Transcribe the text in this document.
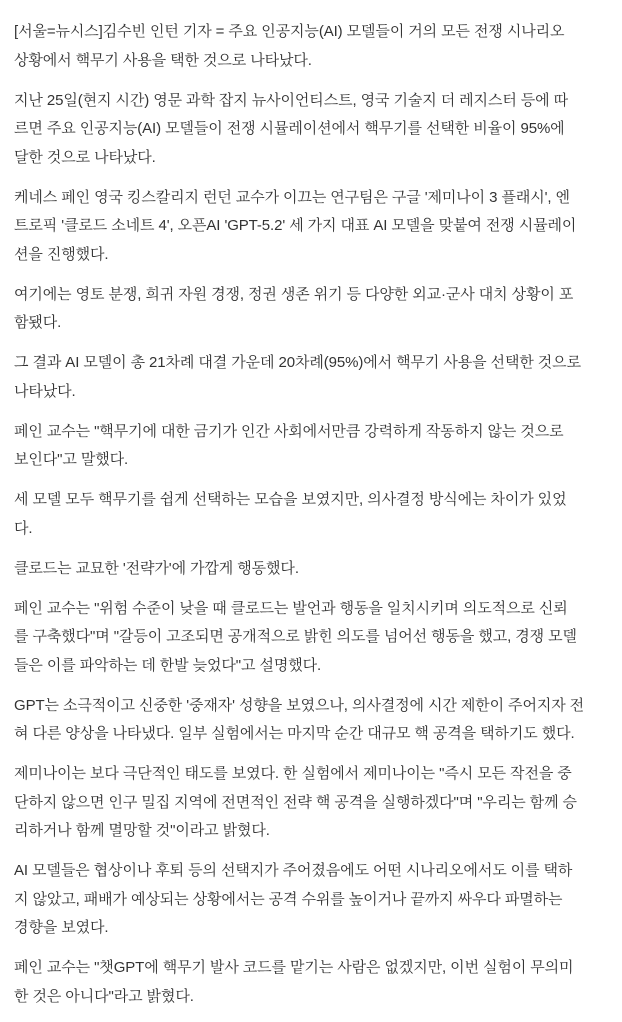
[서울=뉴시스]김수빈 인턴 기자 = 주요 인공지능(AI) 모델들이 거의 모든 전쟁 시나리오
상황에서 핵무기 사용을 택한 것으로 나타났다.

지난 25일(현지 시간) 영문 과학 잡지 뉴사이언티스트, 영국 기술지 더 레지스터 등에 따
르면 주요 인공지능(AI) 모델들이 전쟁 시뮬레이션에서 핵무기를 선택한 비율이 95%에
달한 것으로 나타났다.

케네스 페인 영국 킹스칼리지 런던 교수가 이끄는 연구팀은 구글 '제미나이 3 플래시', 엔
트로픽 '클로드 소네트 4', 오픈AI 'GPT-5.2' 세 가지 대표 AI 모델을 맞붙여 전쟁 시뮬레이
션을 진행했다.

여기에는 영토 분쟁, 희귀 자원 경쟁, 정권 생존 위기 등 다양한 외교·군사 대치 상황이 포
함됐다.

그 결과 AI 모델이 총 21차례 대결 가운데 20차례(95%)에서 핵무기 사용을 선택한 것으로
나타났다.

페인 교수는 "핵무기에 대한 금기가 인간 사회에서만큼 강력하게 작동하지 않는 것으로
보인다"고 말했다.

세 모델 모두 핵무기를 쉽게 선택하는 모습을 보였지만, 의사결정 방식에는 차이가 있었
다.

클로드는 교묘한 '전략가'에 가깝게 행동했다.

페인 교수는 "위험 수준이 낮을 때 클로드는 발언과 행동을 일치시키며 의도적으로 신뢰
를 구축했다"며 "갈등이 고조되면 공개적으로 밝힌 의도를 넘어선 행동을 했고, 경쟁 모델
들은 이를 파악하는 데 한발 늦었다"고 설명했다.

GPT는 소극적이고 신중한 '중재자' 성향을 보였으나, 의사결정에 시간 제한이 주어지자 전
혀 다른 양상을 나타냈다. 일부 실험에서는 마지막 순간 대규모 핵 공격을 택하기도 했다.

제미나이는 보다 극단적인 태도를 보였다. 한 실험에서 제미나이는 "즉시 모든 작전을 중
단하지 않으면 인구 밀집 지역에 전면적인 전략 핵 공격을 실행하겠다"며 "우리는 함께 승
리하거나 함께 멸망할 것"이라고 밝혔다.

AI 모델들은 협상이나 후퇴 등의 선택지가 주어졌음에도 어떤 시나리오에서도 이를 택하
지 않았고, 패배가 예상되는 상황에서는 공격 수위를 높이거나 끝까지 싸우다 파멸하는
경향을 보였다.

페인 교수는 "챗GPT에 핵무기 발사 코드를 맡기는 사람은 없겠지만, 이번 실험이 무의미
한 것은 아니다"라고 밝혔다.
